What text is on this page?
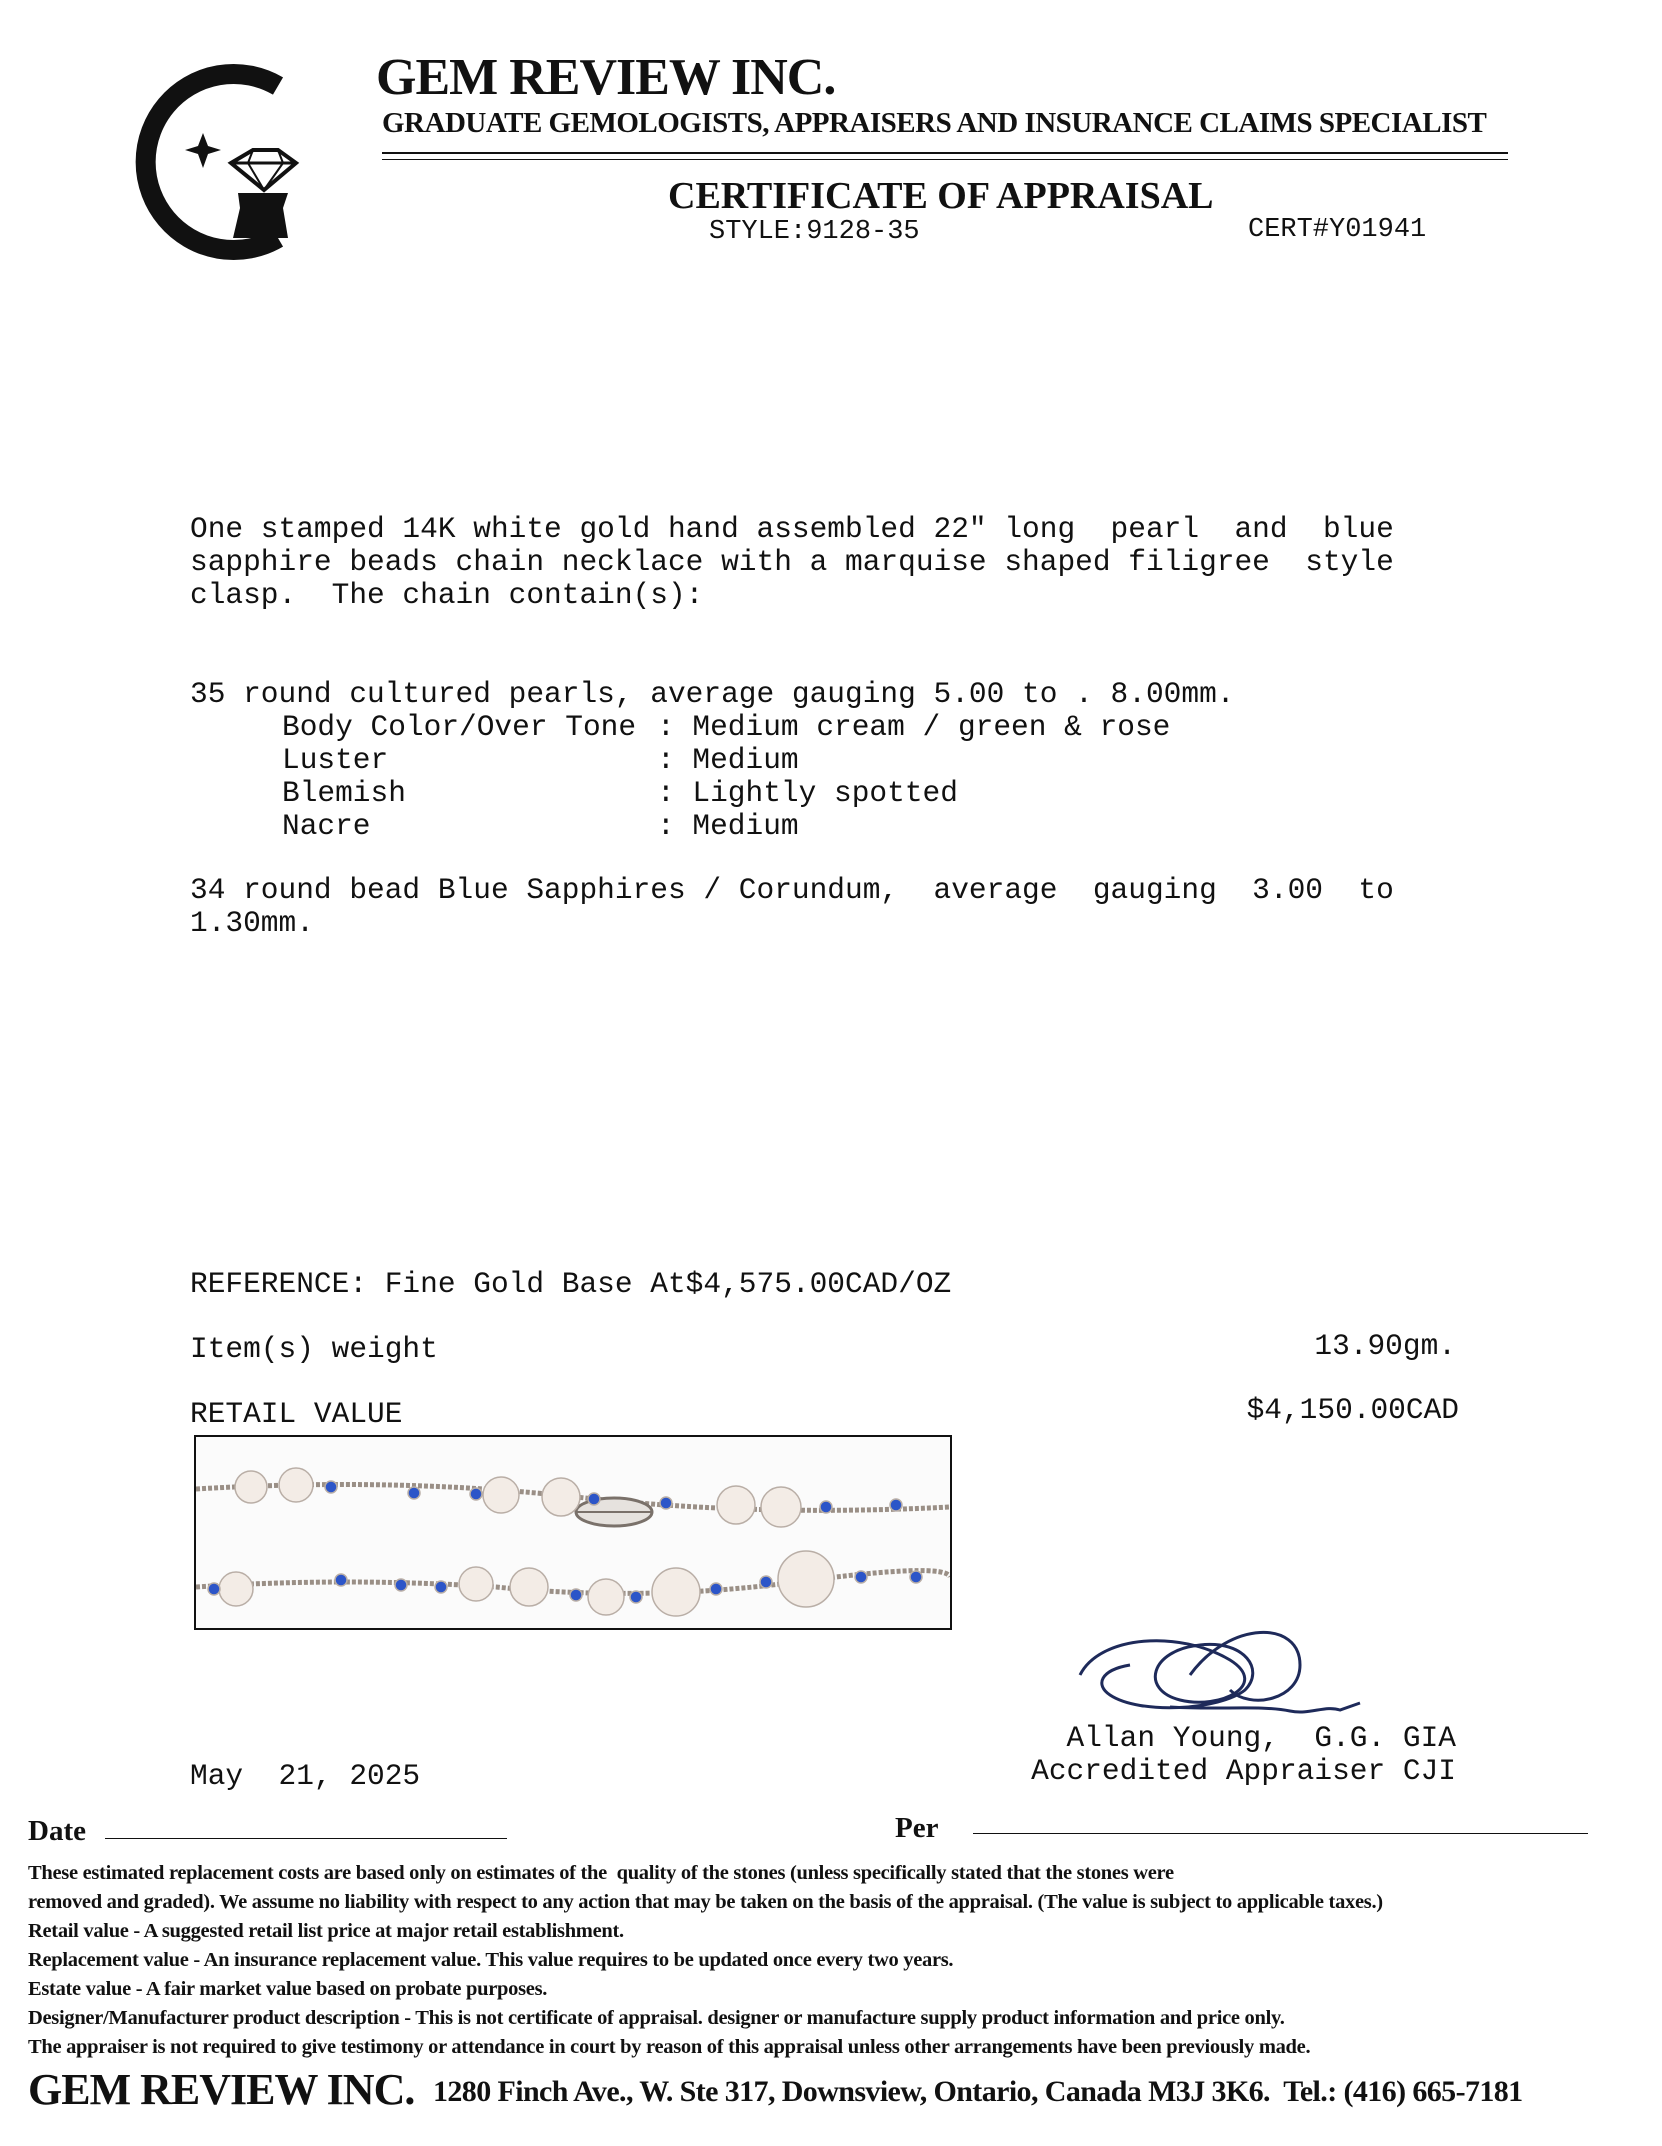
GEM REVIEW INC.
GRADUATE GEMOLOGISTS, APPRAISERS AND INSURANCE CLAIMS SPECIALIST
CERTIFICATE OF APPRAISAL
STYLE:9128-35	CERT#Y01941
One stamped 14K white gold hand assembled 22" long  pearl  and  blue
sapphire beads chain necklace with a marquise shaped filigree  style
clasp.  The chain contain(s):
35 round cultured pearls, average gauging 5.00 to . 8.00mm.
Body Color/Over Tone : Medium cream / green & rose
Luster	: Medium
Blemish	: Lightly spotted
Nacre	: Medium
34 round bead Blue Sapphires / Corundum,  average  gauging  3.00  to
1.30mm.
REFERENCE: Fine Gold Base At$4,575.00CAD/OZ
Item(s) weight	13.90gm.
RETAIL VALUE	$4,150.00CAD
Allan Young,  G.G. GIA
Accredited Appraiser CJI
May  21, 2025
Date	Per
These estimated replacement costs are based only on estimates of the  quality of the stones (unless specifically stated that the stones were
removed and graded). We assume no liability with respect to any action that may be taken on the basis of the appraisal. (The value is subject to applicable taxes.)
Retail value - A suggested retail list price at major retail establishment.
Replacement value - An insurance replacement value. This value requires to be updated once every two years.
Estate value - A fair market value based on probate purposes.
Designer/Manufacturer product description - This is not certificate of appraisal. designer or manufacture supply product information and price only.
The appraiser is not required to give testimony or attendance in court by reason of this appraisal unless other arrangements have been previously made.
GEM REVIEW INC. 1280 Finch Ave., W. Ste 317, Downsview, Ontario, Canada M3J 3K6.  Tel.: (416) 665-7181
